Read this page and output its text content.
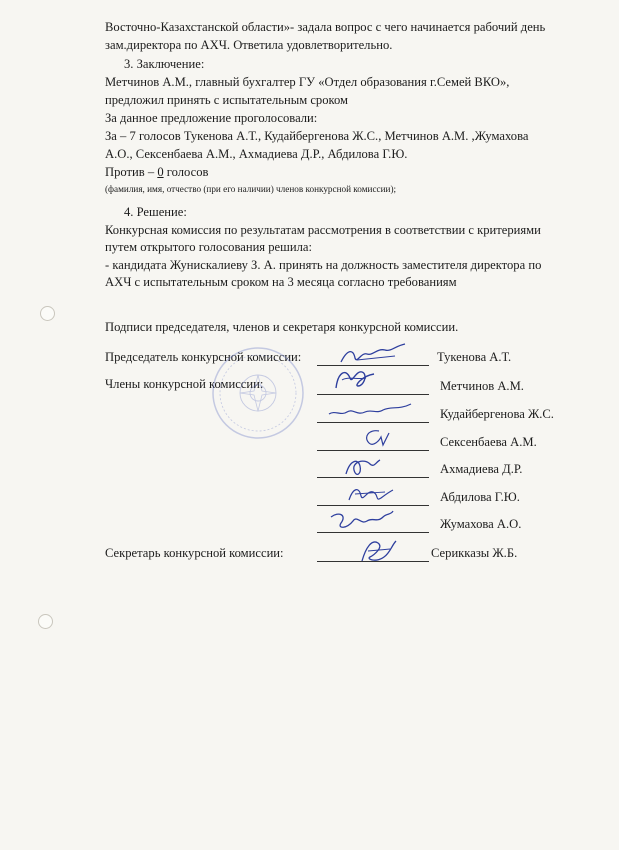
Восточно-Казахстанской области»- задала вопрос с чего начинается рабочий день
зам.директора по АХЧ. Ответила удовлетворительно.
3. Заключение:
Метчинов А.М., главный бухгалтер ГУ «Отдел образования г.Семей ВКО»,
предложил принять с испытательным сроком
За данное предложение проголосовали:
За – 7 голосов Тукенова А.Т., Кудайбергенова Ж.С., Метчинов А.М. ,Жумахова
А.О., Сексенбаева А.М., Ахмадиева Д.Р., Абдилова Г.Ю.
Против – 0 голосов
(фамилия, имя, отчество (при его наличии) членов конкурсной комиссии);
4. Решение:
Конкурсная комиссия по результатам рассмотрения в соответствии с критериями
путем открытого голосования решила:
- кандидата Жунискалиеву З. А. принять на должность заместителя директора по
АХЧ с испытательным сроком на 3 месяца согласно требованиям
Подписи председателя, членов и секретаря конкурсной комиссии.
Председатель конкурсной комиссии:
Члены конкурсной комиссии:
Секретарь конкурсной комиссии:
Тукенова А.Т.
Метчинов А.М.
Кудайбергенова Ж.С.
Сексенбаева А.М.
Ахмадиева Д.Р.
Абдилова Г.Ю.
Жумахова А.О.
Серикказы Ж.Б.
